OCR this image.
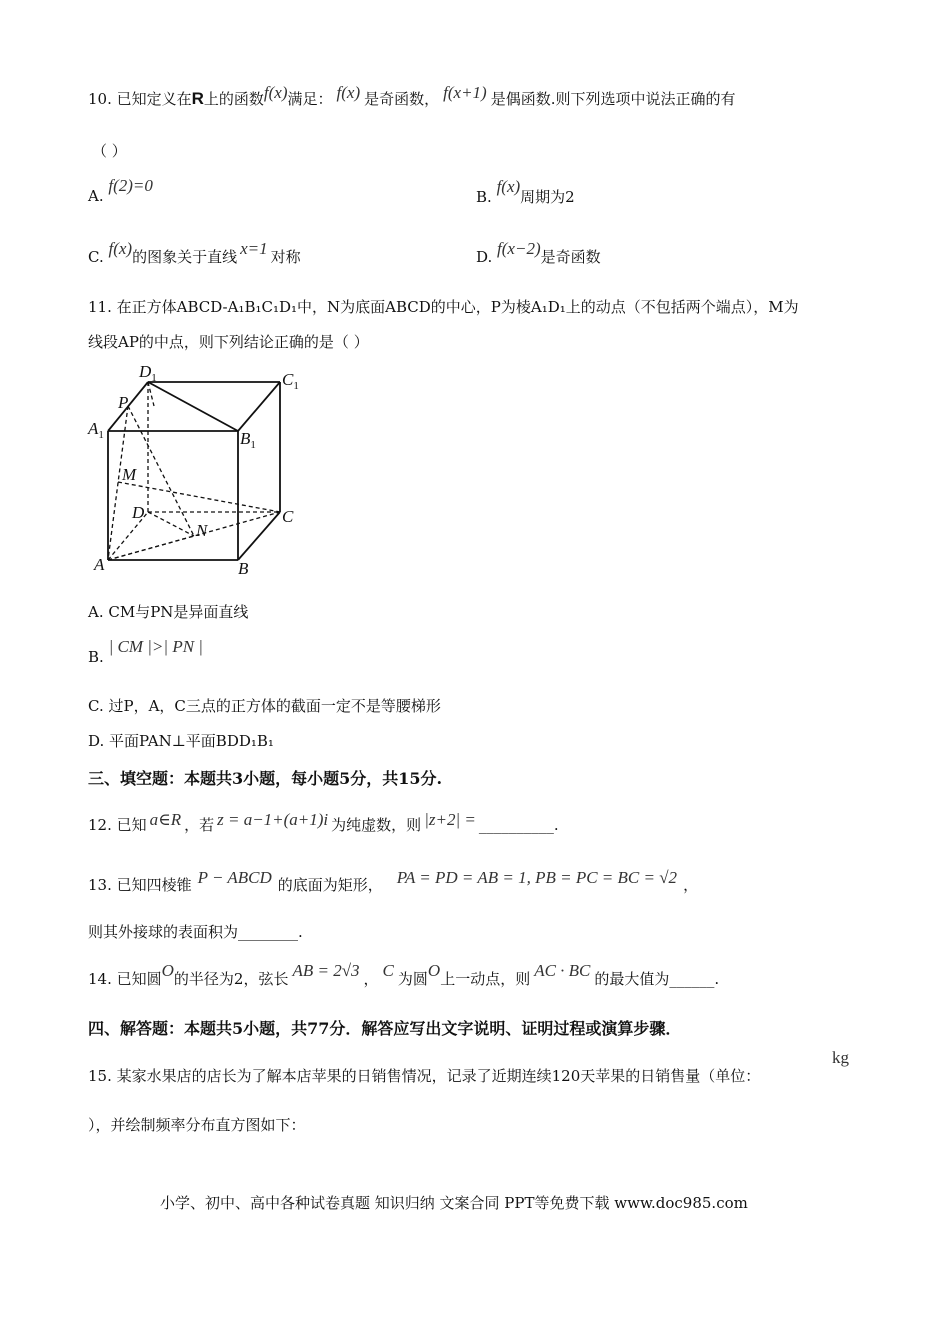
10. 已知定义在R上的函数f(x)满足： f(x) 是奇函数， f(x+1) 是偶函数.则下列选项中说法正确的有
（ ）
A. f(2)=0
B. f(x)周期为2
C. f(x)的图象关于直线 x=1 对称	D. f(x−2)是奇函数
11. 在正方体ABCD-A₁B₁C₁D₁中，N为底面ABCD的中心，P为棱A₁D₁上的动点（不包括两个端点），M为
线段AP的中点，则下列结论正确的是（ ）
$D_1$	$C_1$
$A_1$	$B_1$
P
M
D	C
N
A	B
A. CM与PN是异面直线
B. | CM |>| PN |
C. 过P，A，C三点的正方体的截面一定不是等腰梯形
D. 平面PAN⊥平面BDD₁B₁
三、填空题：本题共3小题，每小题5分，共15分.
12. 已知 a∈R ，若 z = a−1+(a+1)i 为纯虚数，则 |z+2| = __________.
13. 已知四棱锥 P − ABCD 的底面为矩形， PA = PD = AB = 1, PB = PC = BC = √2 ，
则其外接球的表面积为________.
14. 已知圆O的半径为2，弦长 AB = 2√3 ， C 为圆O上一动点，则 AC · BC 的最大值为______.
四、解答题：本题共5小题，共77分．解答应写出文字说明、证明过程或演算步骤．
15. 某家水果店的店长为了解本店苹果的日销售情况，记录了近期连续120天苹果的日销售量（单位：
kg
），并绘制频率分布直方图如下：
小学、初中、高中各种试卷真题 知识归纳 文案合同 PPT等免费下载 www.doc985.com
